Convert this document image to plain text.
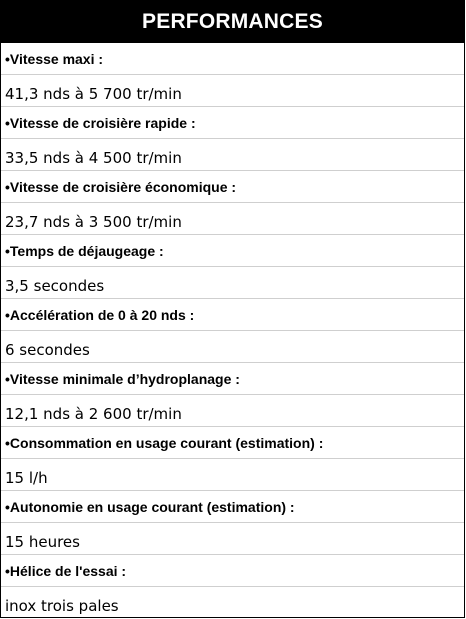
PERFORMANCES
•Vitesse maxi :
41,3 nds à 5 700 tr/min
•Vitesse de croisière rapide :
33,5 nds à 4 500 tr/min
•Vitesse de croisière économique :
23,7 nds à 3 500 tr/min
•Temps de déjaugeage :
3,5 secondes
•Accélération de 0 à 20 nds :
6 secondes
•Vitesse minimale d’hydroplanage :
12,1 nds à 2 600 tr/min
•Consommation en usage courant (estimation) :
15 l/h
•Autonomie en usage courant (estimation) :
15 heures
•Hélice de l'essai :
inox trois pales
